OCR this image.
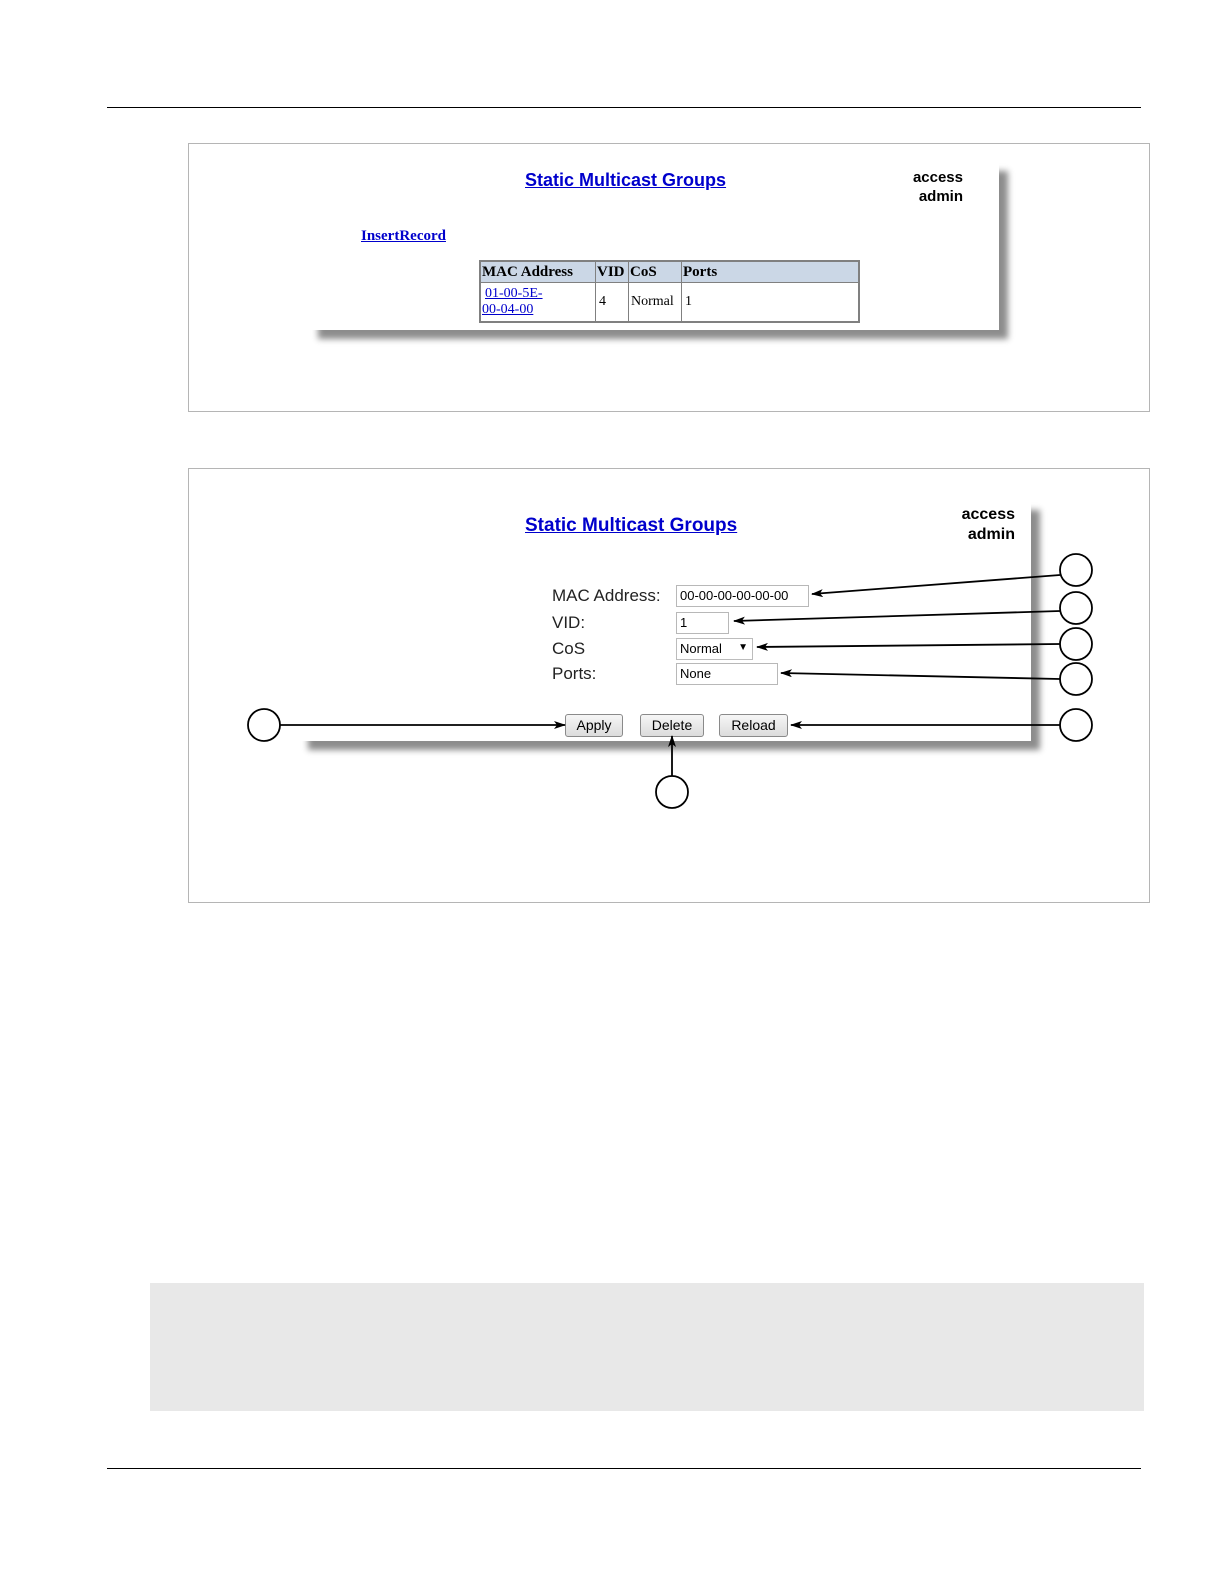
Static Multicast Groups	access
admin
InsertRecord
MAC Address	VID	CoS	Ports
01-00-5E-
00-04-00	4	Normal	1
Static Multicast Groups
access
admin
MAC Address:	00-00-00-00-00-00
VID:	1
CoS	Normal ▼
Ports:	None
Apply	Delete	Reload
